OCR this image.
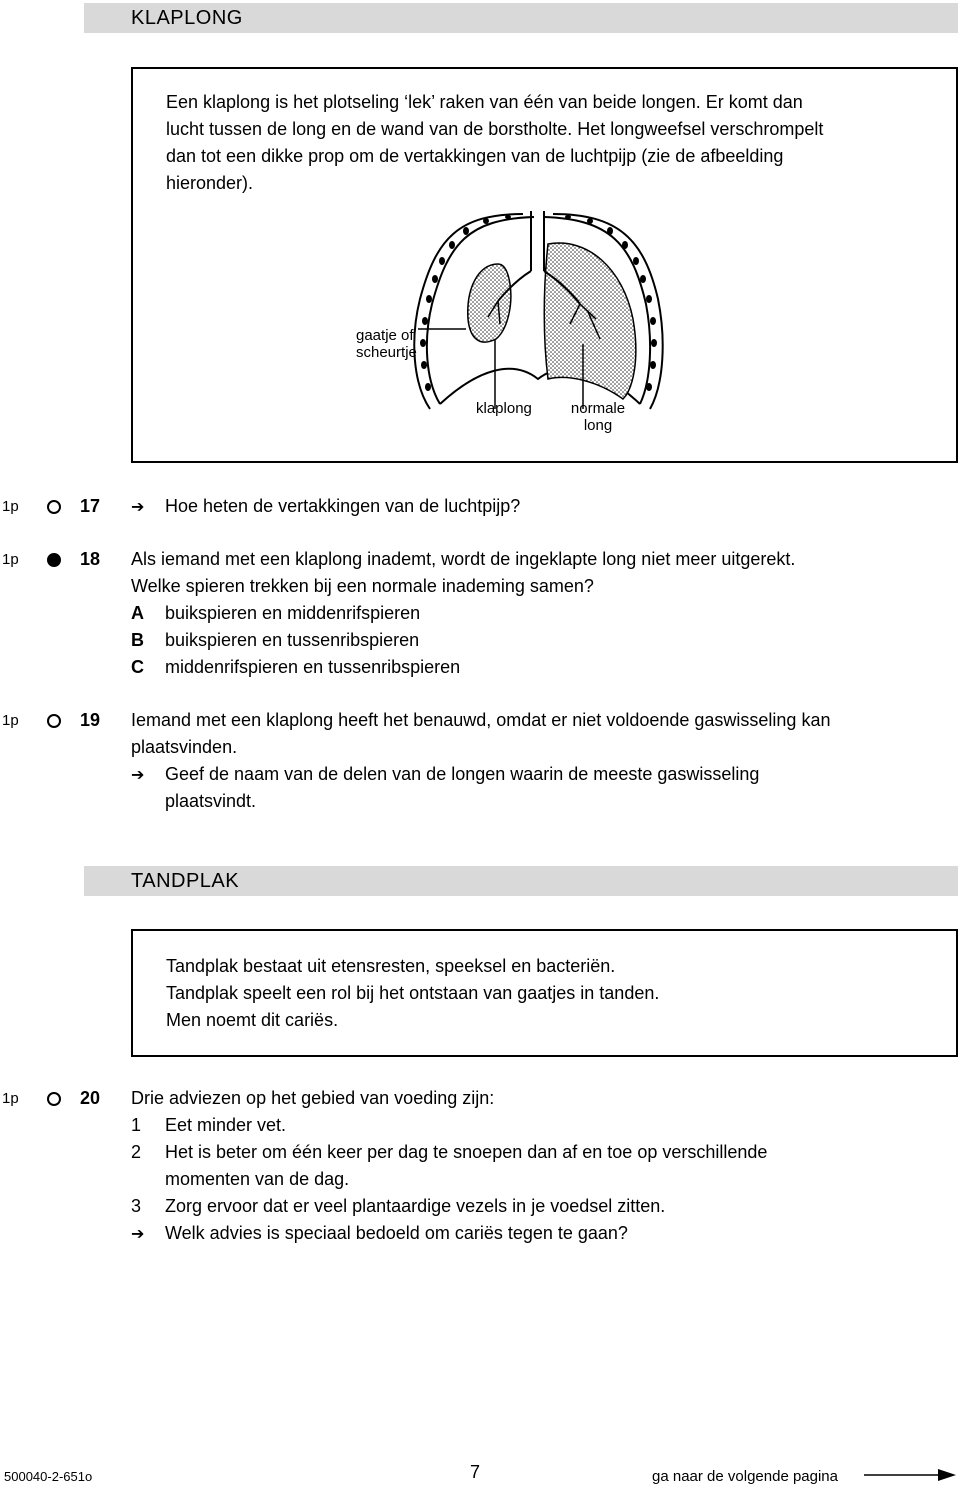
KLAPLONG

Een klaplong is het plotseling ‘lek’ raken van één van beide longen. Er komt dan

lucht tussen de long en de wand van de borstholte. Het longweefsel verschrompelt

dan tot een dikke prop om de vertakkingen van de luchtpijp (zie de afbeelding

hieronder).

gaatje of
scheurtje
klaplong	normale
long
1p	17 ➔ Hoe heten de vertakkingen van de luchtpijp?
1p	18 Als iemand met een klaplong inademt, wordt de ingeklapte long niet meer uitgerekt.
Welke spieren trekken bij een normale inademing samen?
A buikspieren en middenrifspieren
B buikspieren en tussenribspieren
C middenrifspieren en tussenribspieren
1p	19 Iemand met een klaplong heeft het benauwd, omdat er niet voldoende gaswisseling kan
plaatsvinden.
➔ Geef de naam van de delen van de longen waarin de meeste gaswisseling
plaatsvindt.
TANDPLAK

Tandplak bestaat uit etensresten, speeksel en bacteriën.

Tandplak speelt een rol bij het ontstaan van gaatjes in tanden.

Men noemt dit cariës.

1p	20 Drie adviezen op het gebied van voeding zijn:
1 Eet minder vet.
2 Het is beter om één keer per dag te snoepen dan af en toe op verschillende
momenten van de dag.
3 Zorg ervoor dat er veel plantaardige vezels in je voedsel zitten.
➔ Welk advies is speciaal bedoeld om cariës tegen te gaan?
500040-2-651o	7	ga naar de volgende pagina
